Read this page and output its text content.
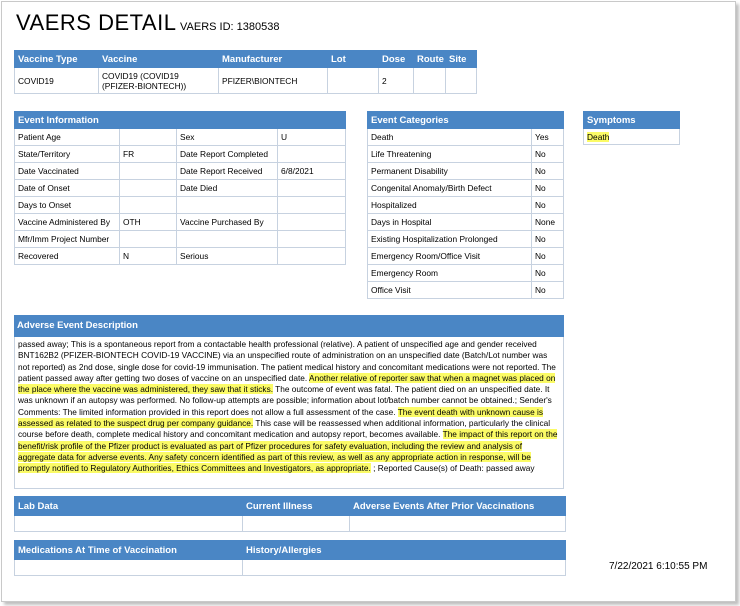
VAERS DETAIL VAERS ID: 1380538
Vaccine Type	Vaccine	Manufacturer	Lot	Dose	Route	Site
COVID19	COVID19 (COVID19 (PFIZER-BIONTECH))	PFIZER\BIONTECH		2		
Event Information			
Patient Age		Sex	U
State/Territory	FR	Date Report Completed	
Date Vaccinated		Date Report Received	6/8/2021
Date of Onset		Date Died	
Days to Onset			
Vaccine Administered By	OTH	Vaccine Purchased By	
Mfr/Imm Project Number			
Recovered	N	Serious	
Event Categories	
Death	Yes
Life Threatening	No
Permanent Disability	No
Congenital Anomaly/Birth Defect	No
Hospitalized	No
Days in Hospital	None
Existing Hospitalization Prolonged	No
Emergency Room/Office Visit	No
Emergency Room	No
Office Visit	No
Symptoms
Death
Adverse Event Description
passed away; This is a spontaneous report from a contactable health professional (relative). A patient of unspecified age and gender received BNT162B2 (PFIZER-BIONTECH COVID-19 VACCINE) via an unspecified route of administration on an unspecified date (Batch/Lot number was not reported) as 2nd dose, single dose for covid-19 immunisation. The patient medical history and concomitant medications were not reported. The patient passed away after getting two doses of vaccine on an unspecified date. Another relative of reporter saw that when a magnet was placed on the place where the vaccine was administered, they saw that it sticks. The outcome of event was fatal. The patient died on an unspecified date. It was unknown if an autopsy was performed. No follow-up attempts are possible; information about lot/batch number cannot be obtained.; Sender's Comments: The limited information provided in this report does not allow a full assessment of the case. The event death with unknown cause is assessed as related to the suspect drug per company guidance. This case will be reassessed when additional information, particularly the clinical course before death, complete medical history and concomitant medication and autopsy report, becomes available. The impact of this report on the benefit/risk profile of the Pfizer product is evaluated as part of Pfizer procedures for safety evaluation, including the review and analysis of aggregate data for adverse events. Any safety concern identified as part of this review, as well as any appropriate action in response, will be promptly notified to Regulatory Authorities, Ethics Committees and Investigators, as appropriate. ; Reported Cause(s) of Death: passed away
Lab Data	Current Illness	Adverse Events After Prior Vaccinations

Medications At Time of Vaccination	History/Allergies

7/22/2021 6:10:55 PM
